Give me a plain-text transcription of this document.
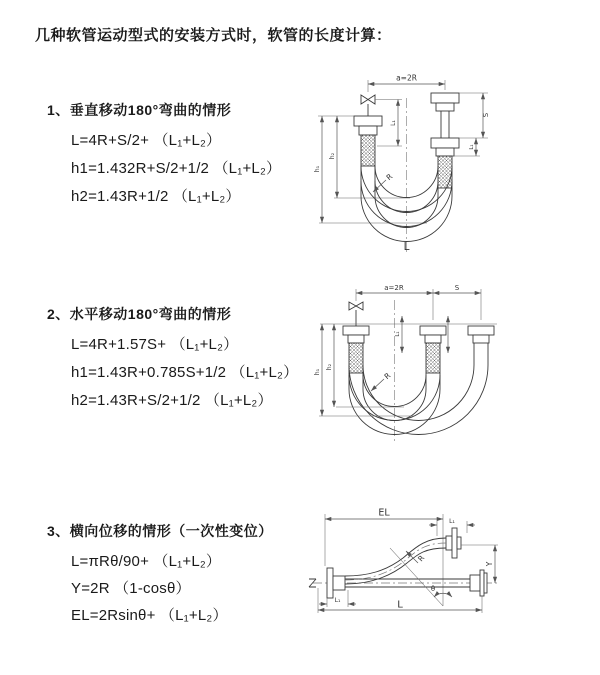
几种软管运动型式的安装方式时，软管的长度计算：
1、垂直移动180°弯曲的情形
L=4R+S/2+ （L₁+L₂）
h1=1.432R+S/2+1/2 （L₁+L₂）
h2=1.43R+1/2 （L₁+L₂）
a=2R
L₁
S
L₁
h₁
h₂
R
L
2、水平移动180°弯曲的情形
L=4R+1.57S+ （L₁+L₂）
h1=1.43R+0.785S+1/2 （L₁+L₂）
h2=1.43R+S/2+1/2 （L₁+L₂）
a=2R	S
L₁
h₁
h₂
R
3、横向位移的情形（一次性变位）
L=πRθ/90+ （L₁+L₂）
Y=2R （1-cosθ）
EL=2Rsinθ+ （L₁+L₂）
EL
L₁
θ
R
Y
L₁	L
